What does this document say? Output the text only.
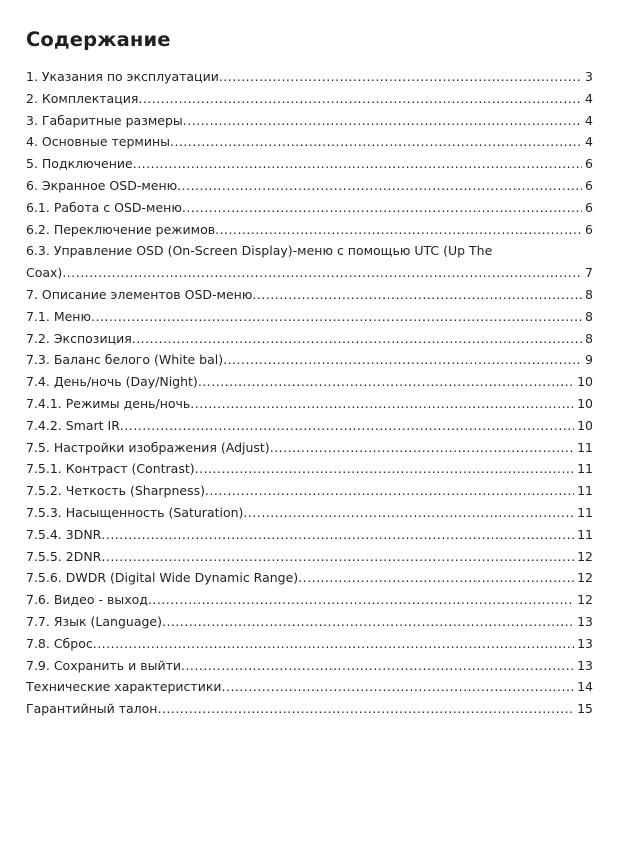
Содержание
1. Указания по эксплуатации .....	3
2. Комплектация .....	4
3. Габаритные размеры .....	4
4. Основные термины .....	4
5. Подключение .....	6
6. Экранное OSD-меню .....	6
6.1. Работа с OSD-меню .....	6
6.2. Переключение режимов .....	6
6.3. Управление OSD (On-Screen Display)-меню с помощью UTC (Up The
Coax) .....	7
7. Описание элементов OSD-меню .....	8
7.1. Меню .....	8
7.2. Экспозиция .....	8
7.3. Баланс белого (White bal) .....	9
7.4. День/ночь (Day/Night) .....	10
7.4.1. Режимы день/ночь .....	10
7.4.2. Smart IR .....	10
7.5. Настройки изображения (Adjust) .....	11
7.5.1. Контраст (Contrast) .....	11
7.5.2. Четкость (Sharpness) .....	11
7.5.3. Насыщенность (Saturation) .....	11
7.5.4. 3DNR .....	11
7.5.5. 2DNR .....	12
7.5.6. DWDR (Digital Wide Dynamic Range) .....	12
7.6. Видео - выход .....	12
7.7. Язык (Language) .....	13
7.8. Сброс .....	13
7.9. Сохранить и выйти .....	13
Технические характеристики .....	14
Гарантийный талон .....	15
